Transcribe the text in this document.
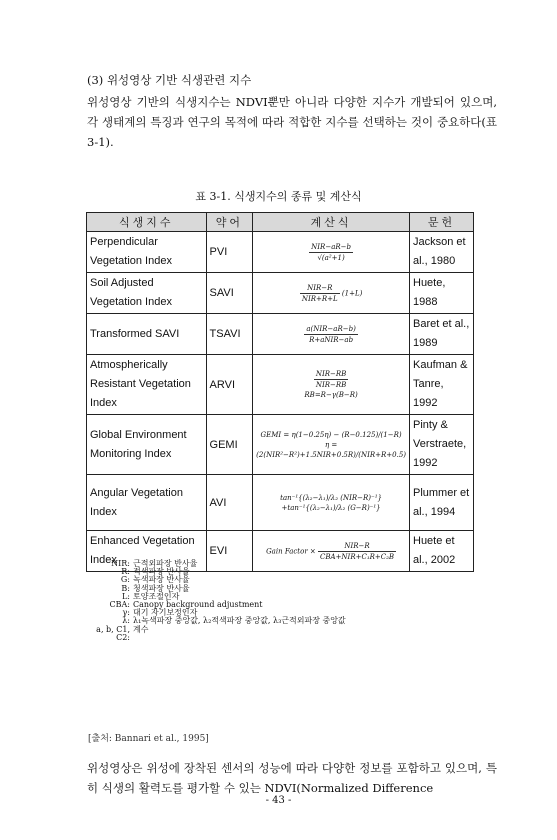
(3) 위성영상 기반 식생관련 지수
위성영상 기반의 식생지수는 NDVI뿐만 아니라 다양한 지수가 개발되어 있으며, 각 생태계의 특징과 연구의 목적에 따라 적합한 지수를 선택하는 것이 중요하다(표 3-1).
표 3-1. 식생지수의 종류 및 계산식
식생지수	약어	계산식	문헌
Perpendicular Vegetation Index	PVI	$\frac{\text{NIR−aR−b}}{\text{√(a²+1)}}$	Jackson et al., 1980
Soil Adjusted Vegetation Index	SAVI	$\frac{\text{NIR−R}}{\text{NIR+R+L}} (1+L)$	Huete, 1988
Transformed SAVI	TSAVI	$\frac{\text{a(NIR−aR−b)}}{\text{R+aNIR−ab}}$	Baret et al., 1989
Atmospherically Resistant Vegetation Index	ARVI	$\frac{\text{NIR−RB}}{\text{NIR−RB}}$

RB=R−γ(B−R)	Kaufman & Tanre, 1992
Global Environment Monitoring Index	GEMI	GEMI = η(1−0.25η) − (R−0.125)/(1−R)
η = (2(NIR²−R²)+1.5NIR+0.5R)/(NIR+R+0.5)	Pinty & Verstraete, 1992
Angular Vegetation Index	AVI	tan⁻¹{(λ₂−λ₁)/λ₂ (NIR−R)⁻¹}
+tan⁻¹{(λ₂−λ₁)/λ₂ (G−R)⁻¹}	Plummer et al., 1994
Enhanced Vegetation Index	EVI	Gain Factor × $\frac{\text{NIR−R}}{\text{CBA+NIR+C₁R+C₂B}}$	Huete et al., 2002
NIR: 근적외파장 반사율
R: 적색파장 반사율
G: 녹색파장 반사율
B: 청색파장 반사율
L: 토양조절인자
CBA: Canopy background adjustment
γ: 대기 자기보정인자
λ: λ₁녹색파장 중앙값, λ₂적색파장 중앙값, λ₃근적외파장 중앙값
a, b, C1, C2:
계수
[출처: Bannari et al., 1995]
위성영상은 위성에 장착된 센서의 성능에 따라 다양한 정보를 포함하고 있으며, 특히 식생의 활력도를 평가할 수 있는 NDVI(Normalized Difference
- 43 -
